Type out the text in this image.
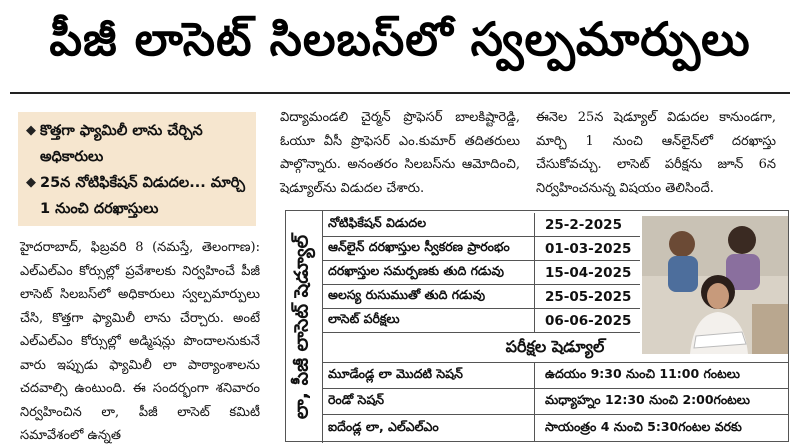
పీజీ లాసెట్ సిలబస్‌లో స్వల్పమార్పులు
◆ కొత్తగా ఫ్యామిలీ లాను చేర్చిన అధికారులు
◆ 25న నోటిఫికేషన్ విడుదల... మార్చి 1 నుంచి దరఖాస్తులు

హైదరాబాద్, ఫిబ్రవరి 8 (నమస్తే, తెలంగాణ): ఎల్‌ఎల్‌ఎం కోర్సుల్లో ప్రవేశాలకు నిర్వహించే పీజీ లాసెట్ సిలబస్‌లో అధికారులు స్వల్పమార్పులు చేసి, కొత్తగా ఫ్యామిలీ లాను చేర్చారు. అంటే ఎల్‌ఎల్‌ఎం కోర్సుల్లో అడ్మిషన్లు పొందాలనుకునే వారు ఇప్పుడు ఫ్యామిలీ లా పాఠ్యాంశాలను చదవాల్సి ఉంటుంది. ఈ సందర్భంగా శనివారం నిర్వహించిన లా, పీజీ లాసెట్ కమిటీ సమావేశంలో ఉన్నత

విద్యామండలి చైర్మన్ ప్రొఫెసర్ బాలకిష్టారెడ్డి, ఓయూ వీసీ ప్రొఫెసర్ ఎం.కుమార్ తదితరులు పాల్గొన్నారు. అనంతరం సిలబస్‌ను ఆమోదించి, షెడ్యూల్‌ను విడుదల చేశారు.

ఈనెల 25న షెడ్యూల్ విడుదల కానుండగా, మార్చి 1 నుంచి ఆన్‌లైన్‌లో దరఖాస్తు చేసుకోవచ్చు. లాసెట్ పరీక్షను జూన్ 6న నిర్వహించనున్న విషయం తెలిసిందే.

లా, పీజీ లాసెట్ షెడ్యూల్
నోటిఫికేషన్ విడుదల	25-2-2025
ఆన్‌లైన్ దరఖాస్తుల స్వీకరణ ప్రారంభం	01-03-2025
దరఖాస్తుల సమర్పణకు తుది గడువు	15-04-2025
అలస్య రుసుముతో తుది గడువు	25-05-2025
లాసెట్ పరీక్షలు	06-06-2025
పరీక్షల షెడ్యూల్
మూడేండ్ల లా మొదటి సెషన్	ఉదయం 9:30 నుంచి 11:00 గంటలు
రెండో సెషన్	మధ్యాహ్నం 12:30 నుంచి 2:00గంటలు
ఐదేండ్ల లా, ఎల్‌ఎల్‌ఎం	సాయంత్రం 4 నుంచి 5:30గంటల వరకు
